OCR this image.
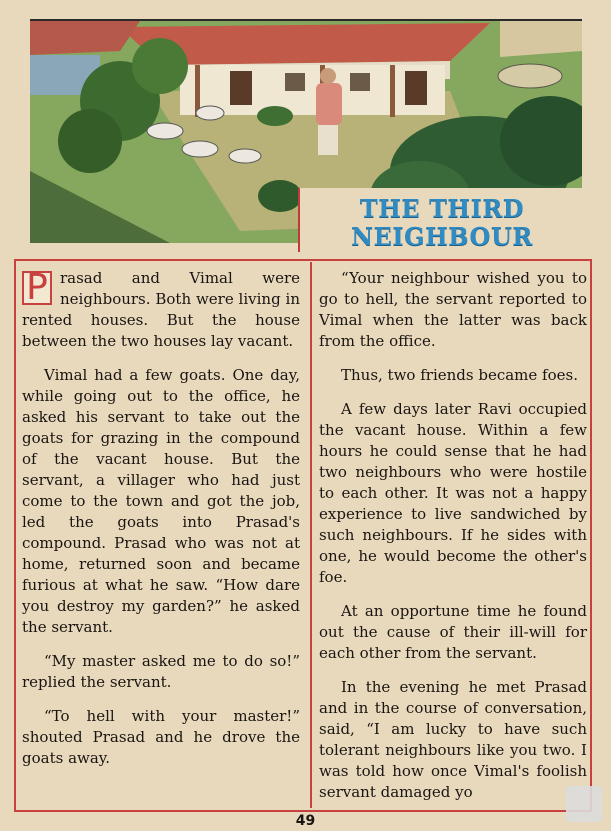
THE THIRD
NEIGHBOUR

P rasad and Vimal were neighbours. Both were living in rented houses. But the house between the two houses lay vacant.

Vimal had a few goats. One day, while going out to the office, he asked his servant to take out the goats for grazing in the compound of the vacant house. But the servant, a villager who had just come to the town and got the job, led the goats into Prasad's compound. Prasad who was not at home, returned soon and became furious at what he saw. “How dare you destroy my garden?” he asked the servant.

“My master asked me to do so!” replied the servant.

“To hell with your master!” shouted Prasad and he drove the goats away.

“Your neighbour wished you to go to hell, the servant reported to Vimal when the latter was back from the office.

Thus, two friends became foes.

A few days later Ravi occupied the vacant house. Within a few hours he could sense that he had two neighbours who were hostile to each other. It was not a happy experience to live sandwiched by such neighbours. If he sides with one, he would become the other's foe.

At an opportune time he found out the cause of their ill-will for each other from the servant.

In the evening he met Prasad and in the course of conversation, said, “I am lucky to have such tolerant neighbours like you two. I was told how once Vimal's foolish servant damaged yo

49
